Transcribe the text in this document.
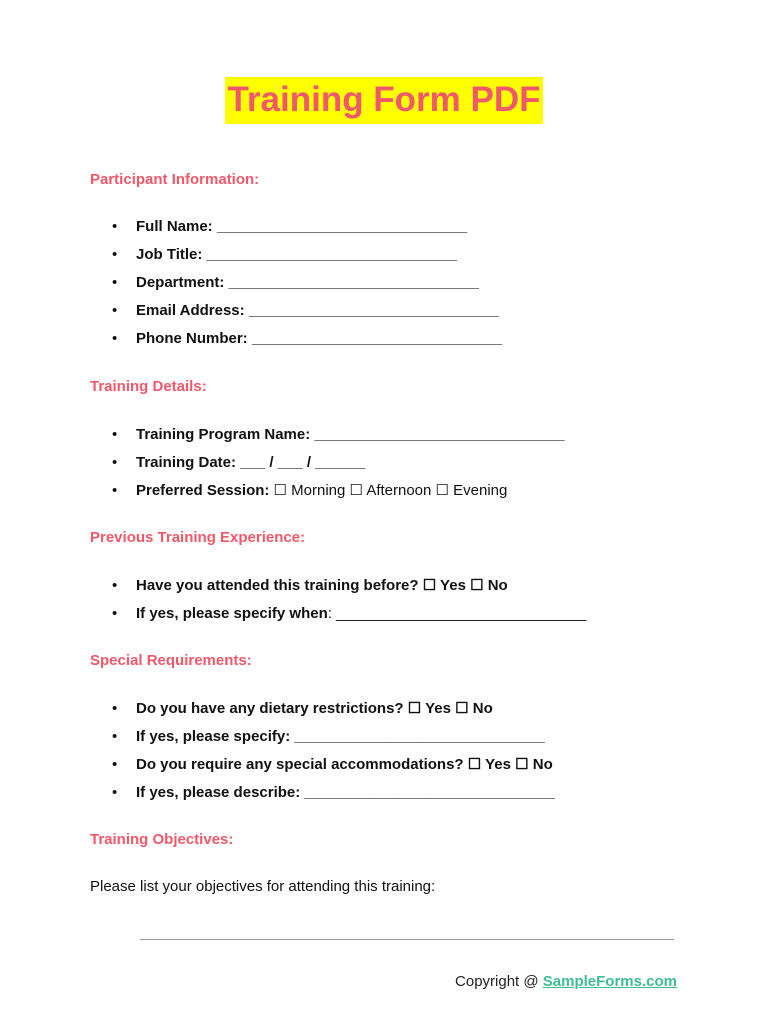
Training Form PDF
Participant Information:
• Full Name: ______________________________
• Job Title: ______________________________
• Department: ______________________________
• Email Address: ______________________________
• Phone Number: ______________________________
Training Details:
• Training Program Name: ______________________________
• Training Date: ___ / ___ / ______
• Preferred Session: ☐ Morning ☐ Afternoon ☐ Evening
Previous Training Experience:
• Have you attended this training before? ☐ Yes ☐ No
• If yes, please specify when: ______________________________
Special Requirements:
• Do you have any dietary restrictions? ☐ Yes ☐ No
• If yes, please specify: ______________________________
• Do you require any special accommodations? ☐ Yes ☐ No
• If yes, please describe: ______________________________
Training Objectives:
Please list your objectives for attending this training:
Copyright @ SampleForms.com
